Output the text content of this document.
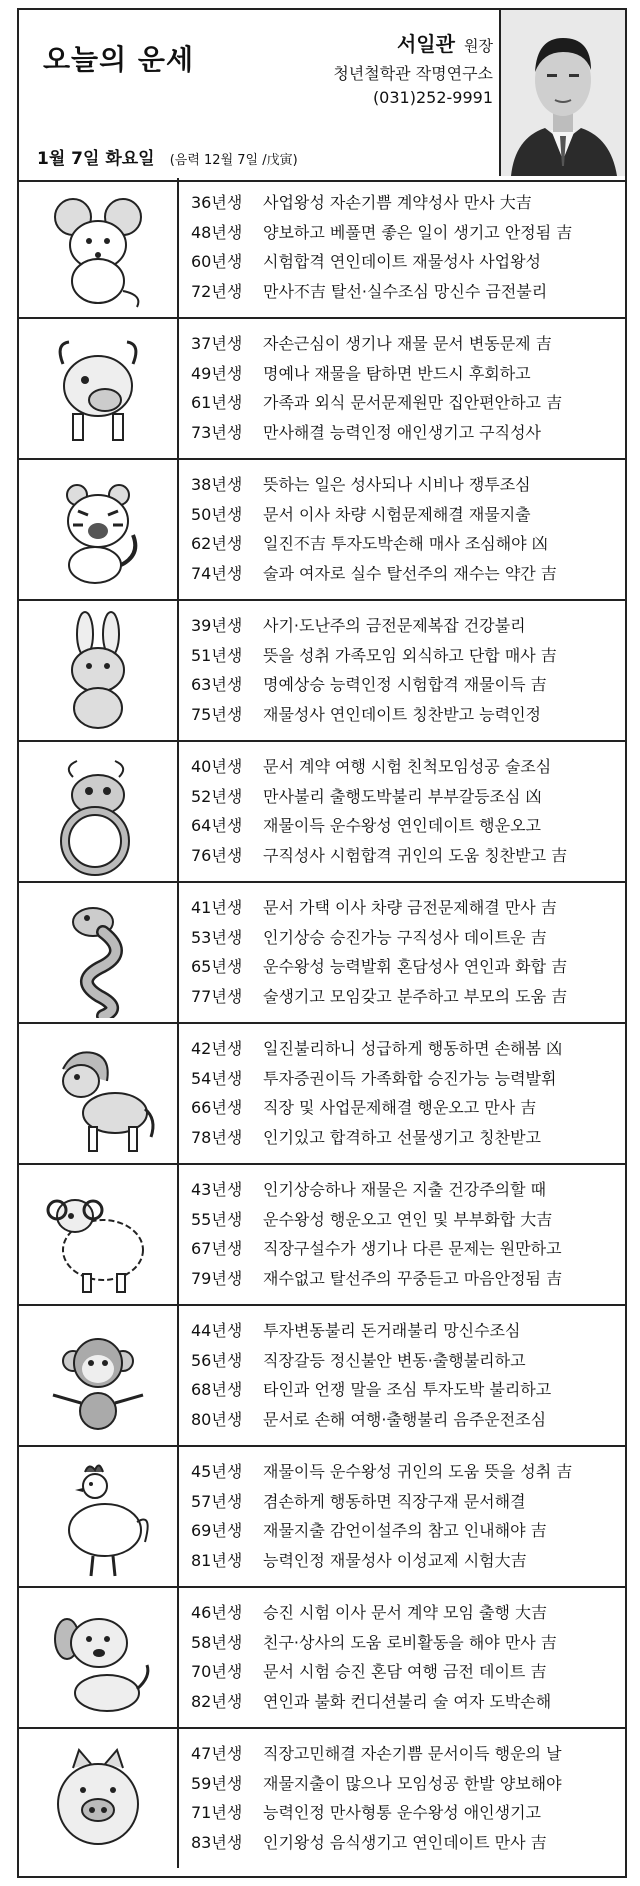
오늘의 운세	서일관 원장
청년철학관 작명연구소
(031)252-9991
1월 7일 화요일 (음력 12월 7일 /戊寅)
36년생 사업왕성 자손기쁨 계약성사 만사 大吉
48년생 양보하고 베풀면 좋은 일이 생기고 안정됨 吉
60년생 시험합격 연인데이트 재물성사 사업왕성
72년생 만사不吉 탈선·실수조심 망신수 금전불리
37년생 자손근심이 생기나 재물 문서 변동문제 吉
49년생 명예나 재물을 탐하면 반드시 후회하고
61년생 가족과 외식 문서문제원만 집안편안하고 吉
73년생 만사해결 능력인정 애인생기고 구직성사
38년생 뜻하는 일은 성사되나 시비나 쟁투조심
50년생 문서 이사 차량 시험문제해결 재물지출
62년생 일진不吉 투자도박손해 매사 조심해야 凶
74년생 술과 여자로 실수 탈선주의 재수는 약간 吉
39년생 사기·도난주의 금전문제복잡 건강불리
51년생 뜻을 성취 가족모임 외식하고 단합 매사 吉
63년생 명예상승 능력인정 시험합격 재물이득 吉
75년생 재물성사 연인데이트 칭찬받고 능력인정
40년생 문서 계약 여행 시험 친척모임성공 술조심
52년생 만사불리 출행도박불리 부부갈등조심 凶
64년생 재물이득 운수왕성 연인데이트 행운오고
76년생 구직성사 시험합격 귀인의 도움 칭찬받고 吉
41년생 문서 가택 이사 차량 금전문제해결 만사 吉
53년생 인기상승 승진가능 구직성사 데이트운 吉
65년생 운수왕성 능력발휘 혼담성사 연인과 화합 吉
77년생 술생기고 모임갖고 분주하고 부모의 도움 吉
42년생 일진불리하니 성급하게 행동하면 손해봄 凶
54년생 투자증권이득 가족화합 승진가능 능력발휘
66년생 직장 및 사업문제해결 행운오고 만사 吉
78년생 인기있고 합격하고 선물생기고 칭찬받고
43년생 인기상승하나 재물은 지출 건강주의할 때
55년생 운수왕성 행운오고 연인 및 부부화합 大吉
67년생 직장구설수가 생기나 다른 문제는 원만하고
79년생 재수없고 탈선주의 꾸중듣고 마음안정됨 吉
44년생 투자변동불리 돈거래불리 망신수조심
56년생 직장갈등 정신불안 변동·출행불리하고
68년생 타인과 언쟁 말을 조심 투자도박 불리하고
80년생 문서로 손해 여행·출행불리 음주운전조심
45년생 재물이득 운수왕성 귀인의 도움 뜻을 성취 吉
57년생 겸손하게 행동하면 직장구재 문서해결
69년생 재물지출 감언이설주의 참고 인내해야 吉
81년생 능력인정 재물성사 이성교제 시험大吉
46년생 승진 시험 이사 문서 계약 모임 출행 大吉
58년생 친구·상사의 도움 로비활동을 해야 만사 吉
70년생 문서 시험 승진 혼담 여행 금전 데이트 吉
82년생 연인과 불화 컨디션불리 술 여자 도박손해
47년생 직장고민해결 자손기쁨 문서이득 행운의 날
59년생 재물지출이 많으나 모임성공 한발 양보해야
71년생 능력인정 만사형통 운수왕성 애인생기고
83년생 인기왕성 음식생기고 연인데이트 만사 吉
